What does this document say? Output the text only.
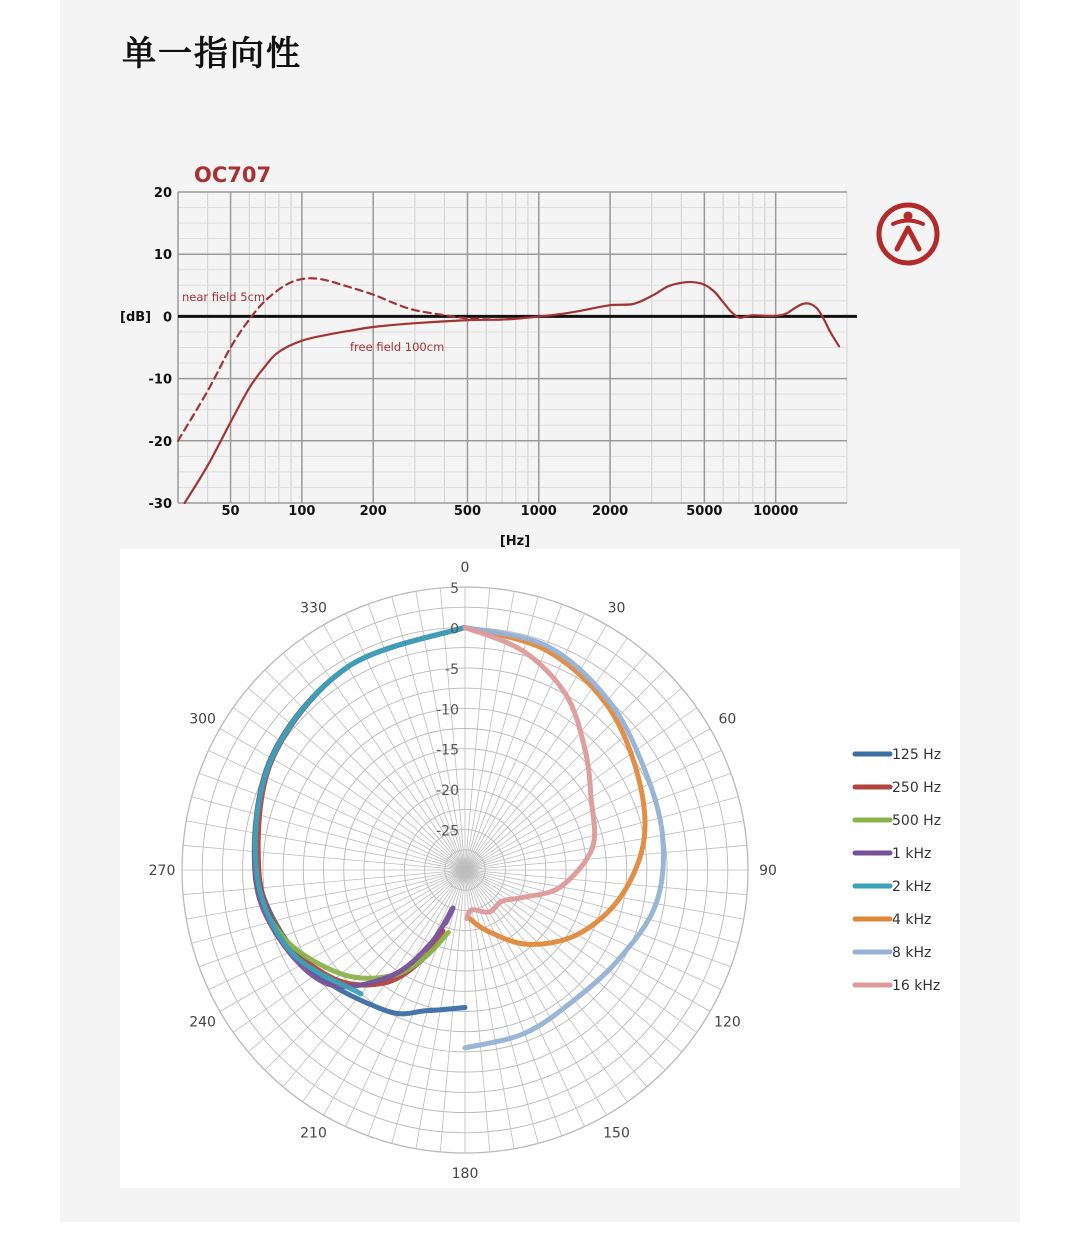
单一指向性
20
10
0
-10
-20
-30	50	100	200	500	1000	2000	5000 10000
OC707
[dB]
[Hz]
near field 5cm
free field 100cm
5
0
-5
-10
-15
-20
-25
0
30
60
90
120
150
180
210
240
270
300
330
125 Hz
250 Hz
500 Hz
1 kHz
2 kHz
4 kHz
8 kHz
16 kHz
